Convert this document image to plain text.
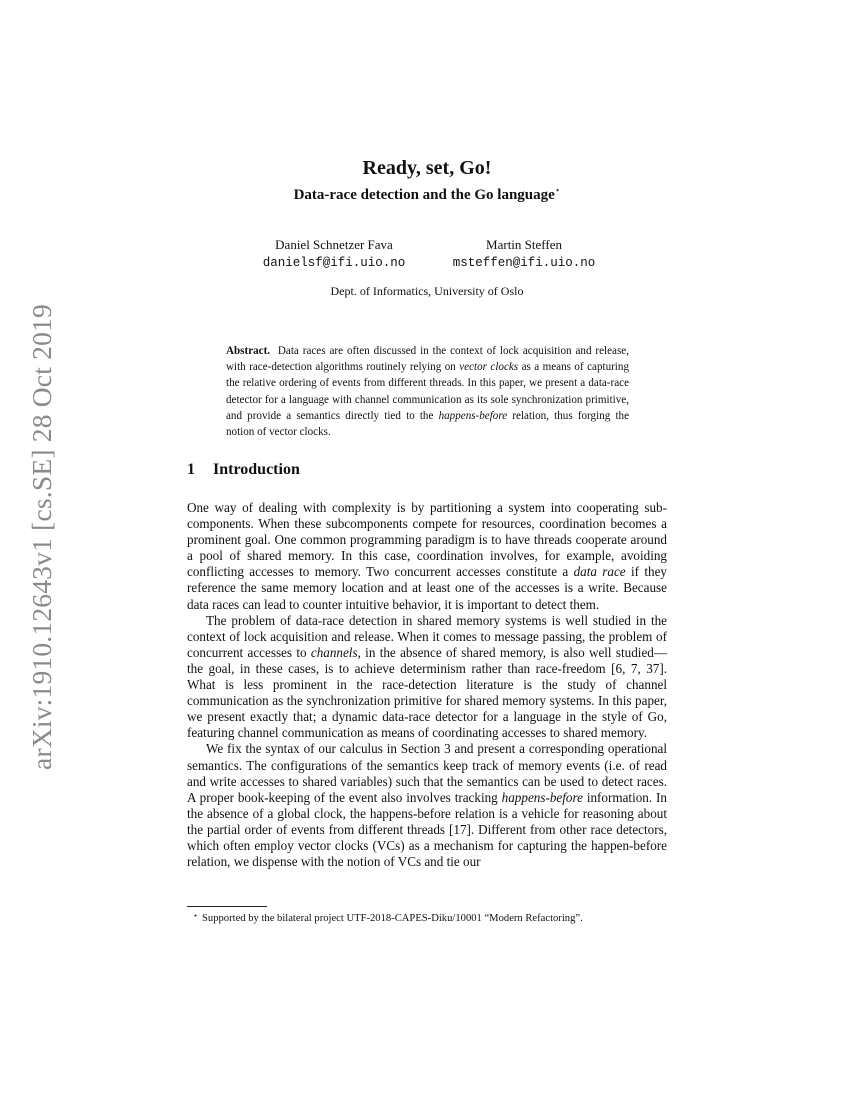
arXiv:1910.12643v1 [cs.SE] 28 Oct 2019
Ready, set, Go!
Data-race detection and the Go language⋆
Daniel Schnetzer Fava
danielsf@ifi.uio.no
Martin Steffen
msteffen@ifi.uio.no
Dept. of Informatics, University of Oslo

Abstract. Data races are often discussed in the context of lock acquisition and release, with race-detection algorithms routinely relying on vector clocks as a means of capturing the relative ordering of events from different threads. In this paper, we present a data-race detector for a language with channel communication as its sole synchronization primitive, and provide a semantics directly tied to the happens-before relation, thus forging the notion of vector clocks.

1 Introduction

One way of dealing with complexity is by partitioning a system into cooperating subcomponents. When these subcomponents compete for resources, coordination becomes a prominent goal. One common programming paradigm is to have threads cooperate around a pool of shared memory. In this case, coordination involves, for example, avoiding conflicting accesses to memory. Two concurrent accesses constitute a data race if they reference the same memory location and at least one of the accesses is a write. Because data races can lead to counter intuitive behavior, it is important to detect them.

The problem of data-race detection in shared memory systems is well studied in the context of lock acquisition and release. When it comes to message passing, the problem of concurrent accesses to channels, in the absence of shared memory, is also well studied—the goal, in these cases, is to achieve determinism rather than race-freedom [6, 7, 37]. What is less prominent in the race-detection literature is the study of channel communication as the synchronization primitive for shared memory systems. In this paper, we present exactly that; a dynamic data-race detector for a language in the style of Go, featuring channel communication as means of coordinating accesses to shared memory.

We fix the syntax of our calculus in Section 3 and present a corresponding operational semantics. The configurations of the semantics keep track of memory events (i.e. of read and write accesses to shared variables) such that the semantics can be used to detect races. A proper book-keeping of the event also involves tracking happens-before information. In the absence of a global clock, the happens-before relation is a vehicle for reasoning about the partial order of events from different threads [17]. Different from other race detectors, which often employ vector clocks (VCs) as a mechanism for capturing the happen-before relation, we dispense with the notion of VCs and tie our

⋆ Supported by the bilateral project UTF-2018-CAPES-Diku/10001 “Modern Refactoring”.
